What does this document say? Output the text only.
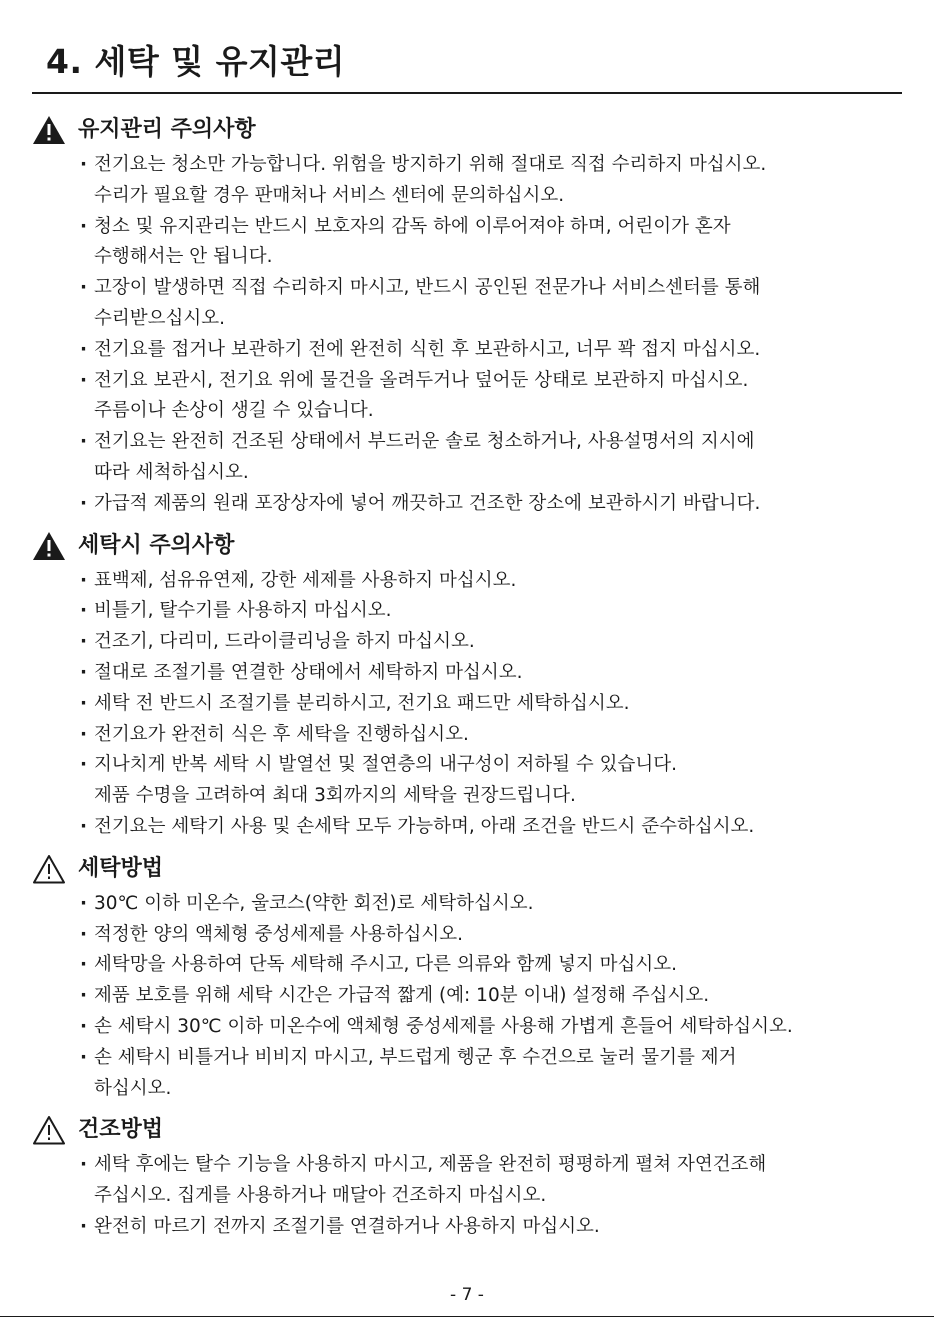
4. 세탁 및 유지관리
유지관리 주의사항
· 전기요는 청소만 가능합니다. 위험을 방지하기 위해 절대로 직접 수리하지 마십시오.
수리가 필요할 경우 판매처나 서비스 센터에 문의하십시오.
· 청소 및 유지관리는 반드시 보호자의 감독 하에 이루어져야 하며, 어린이가 혼자
수행해서는 안 됩니다.
· 고장이 발생하면 직접 수리하지 마시고, 반드시 공인된 전문가나 서비스센터를 통해
수리받으십시오.
· 전기요를 접거나 보관하기 전에 완전히 식힌 후 보관하시고, 너무 꽉 접지 마십시오.
· 전기요 보관시, 전기요 위에 물건을 올려두거나 덮어둔 상태로 보관하지 마십시오.
주름이나 손상이 생길 수 있습니다.
· 전기요는 완전히 건조된 상태에서 부드러운 솔로 청소하거나, 사용설명서의 지시에
따라 세척하십시오.
· 가급적 제품의 원래 포장상자에 넣어 깨끗하고 건조한 장소에 보관하시기 바랍니다.
세탁시 주의사항
· 표백제, 섬유유연제, 강한 세제를 사용하지 마십시오.
· 비틀기, 탈수기를 사용하지 마십시오.
· 건조기, 다리미, 드라이클리닝을 하지 마십시오.
· 절대로 조절기를 연결한 상태에서 세탁하지 마십시오.
· 세탁 전 반드시 조절기를 분리하시고, 전기요 패드만 세탁하십시오.
· 전기요가 완전히 식은 후 세탁을 진행하십시오.
· 지나치게 반복 세탁 시 발열선 및 절연층의 내구성이 저하될 수 있습니다.
제품 수명을 고려하여 최대 3회까지의 세탁을 권장드립니다.
· 전기요는 세탁기 사용 및 손세탁 모두 가능하며, 아래 조건을 반드시 준수하십시오.
세탁방법
· 30℃ 이하 미온수, 울코스(약한 회전)로 세탁하십시오.
· 적정한 양의 액체형 중성세제를 사용하십시오.
· 세탁망을 사용하여 단독 세탁해 주시고, 다른 의류와 함께 넣지 마십시오.
· 제품 보호를 위해 세탁 시간은 가급적 짧게 (예: 10분 이내) 설정해 주십시오.
· 손 세탁시 30℃ 이하 미온수에 액체형 중성세제를 사용해 가볍게 흔들어 세탁하십시오.
· 손 세탁시 비틀거나 비비지 마시고, 부드럽게 헹군 후 수건으로 눌러 물기를 제거
하십시오.
건조방법
· 세탁 후에는 탈수 기능을 사용하지 마시고, 제품을 완전히 평평하게 펼쳐 자연건조해
주십시오. 집게를 사용하거나 매달아 건조하지 마십시오.
· 완전히 마르기 전까지 조절기를 연결하거나 사용하지 마십시오.
- 7 -
